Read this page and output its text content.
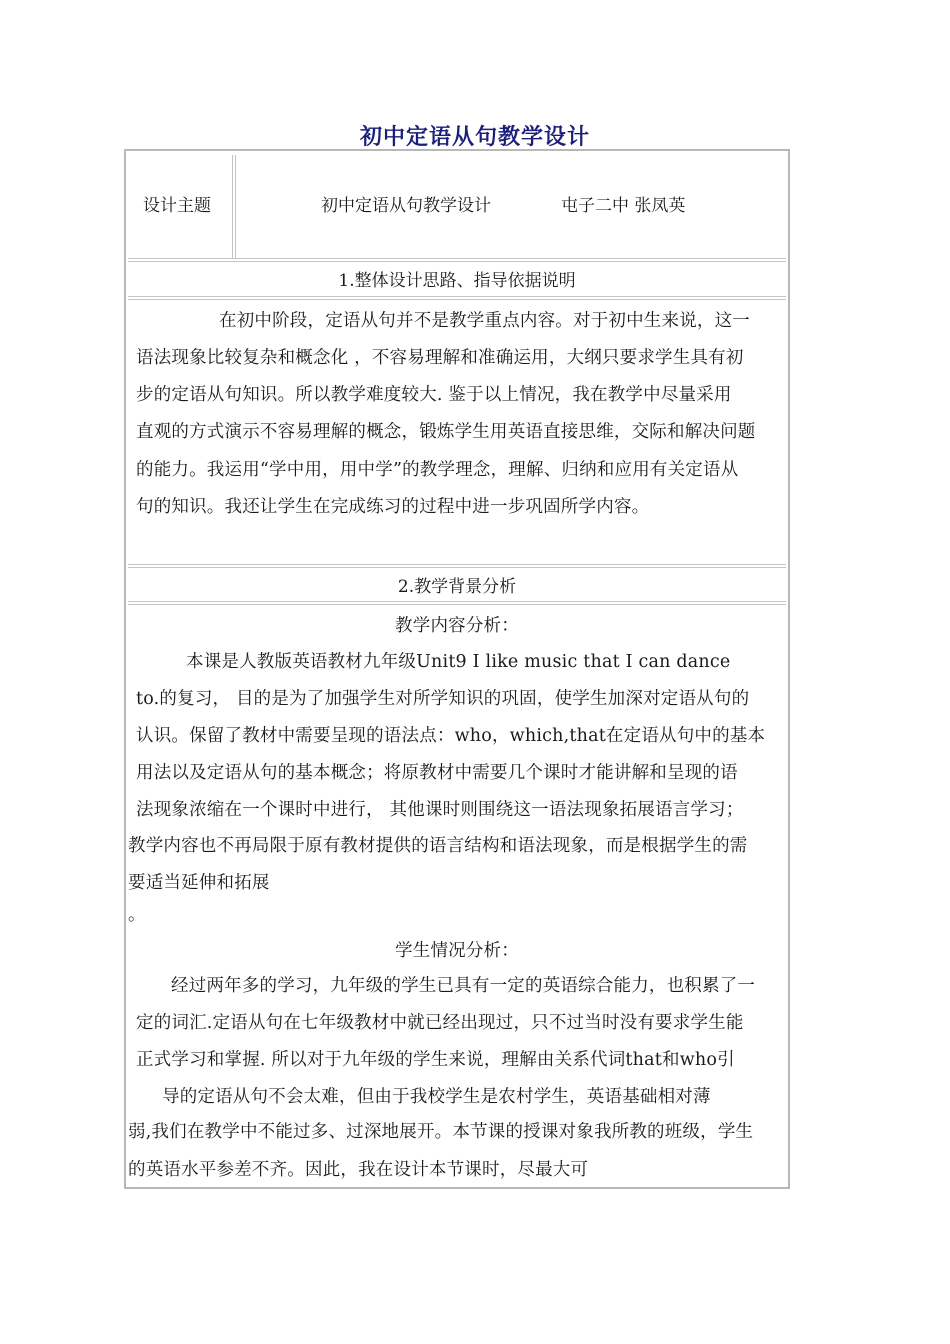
初中定语从句教学设计
设计主题	初中定语从句教学设计	屯子二中 张凤英
1.整体设计思路、指导依据说明
在初中阶段，定语从句并不是教学重点内容。对于初中生来说，这一
语法现象比较复杂和概念化 ，不容易理解和准确运用，大纲只要求学生具有初
步的定语从句知识。所以教学难度较大. 鉴于以上情况，我在教学中尽量采用
直观的方式演示不容易理解的概念，锻炼学生用英语直接思维，交际和解决问题
的能力。我运用“学中用，用中学”的教学理念，理解、归纳和应用有关定语从
句的知识。我还让学生在完成练习的过程中进一步巩固所学内容。
2.教学背景分析
教学内容分析：
本课是人教版英语教材九年级Unit9 I like music that I can dance
to.的复习， 目的是为了加强学生对所学知识的巩固，使学生加深对定语从句的
认识。保留了教材中需要呈现的语法点：who，which,that在定语从句中的基本
用法以及定语从句的基本概念；将原教材中需要几个课时才能讲解和呈现的语
法现象浓缩在一个课时中进行， 其他课时则围绕这一语法现象拓展语言学习；
教学内容也不再局限于原有教材提供的语言结构和语法现象，而是根据学生的需
要适当延伸和拓展
。
学生情况分析：
经过两年多的学习，九年级的学生已具有一定的英语综合能力，也积累了一
定的词汇.定语从句在七年级教材中就已经出现过，只不过当时没有要求学生能
正式学习和掌握. 所以对于九年级的学生来说，理解由关系代词that和who引
导的定语从句不会太难，但由于我校学生是农村学生，英语基础相对薄
弱,我们在教学中不能过多、过深地展开。本节课的授课对象我所教的班级，学生
的英语水平参差不齐。因此，我在设计本节课时，尽最大可
